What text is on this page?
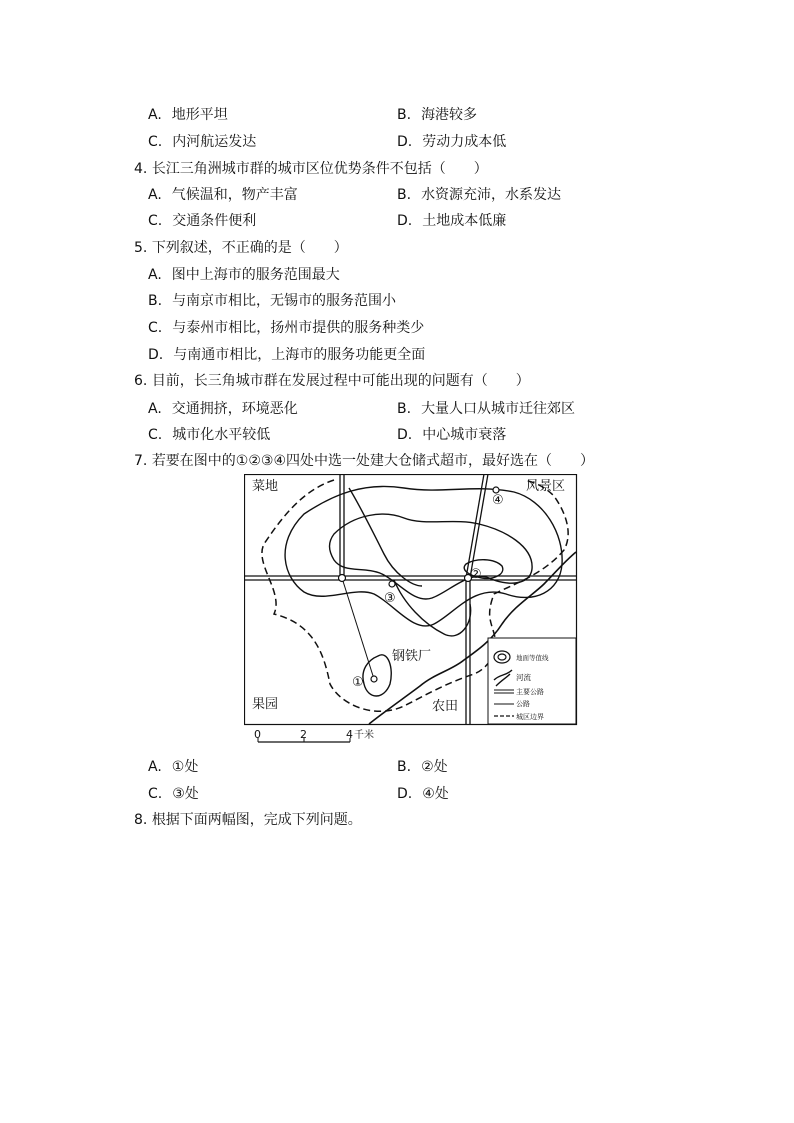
A. 地形平坦	B. 海港较多
C. 内河航运发达	D. 劳动力成本低
4. 长江三角洲城市群的城市区位优势条件不包括（　　）
A. 气候温和，物产丰富	B. 水资源充沛，水系发达
C. 交通条件便利	D. 土地成本低廉
5. 下列叙述，不正确的是（　　）
A. 图中上海市的服务范围最大
B. 与南京市相比，无锡市的服务范围小
C. 与泰州市相比，扬州市提供的服务种类少
D. 与南通市相比，上海市的服务功能更全面
6. 目前，长三角城市群在发展过程中可能出现的问题有（　　）
A. 交通拥挤，环境恶化	B. 大量人口从城市迁往郊区
C. 城市化水平较低	D. 中心城市衰落
7. 若要在图中的①②③④四处中选一处建大仓储式超市，最好选在（　　）
①
②
③
④
菜地	风景区
果园	农田
钢铁厂	地面等值线
河流
主要公路
公路
城区边界
0	2	4 千米
A. ①处	B. ②处
C. ③处	D. ④处
8. 根据下面两幅图，完成下列问题。
